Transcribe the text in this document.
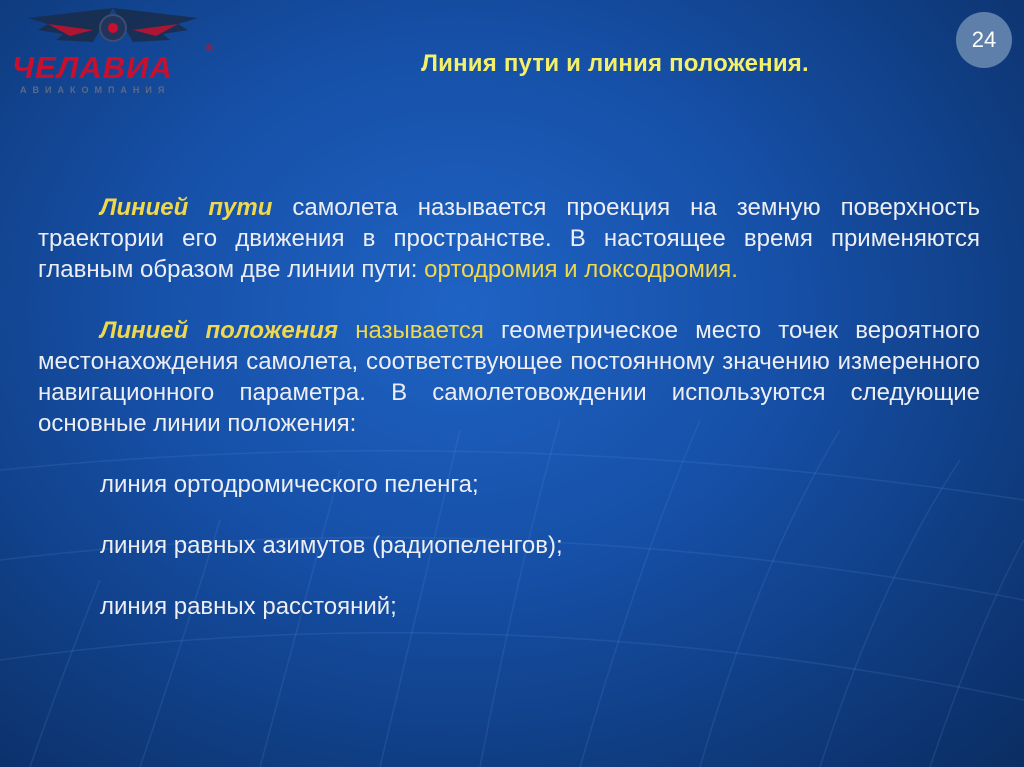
ЧЕЛАВИА
®
АВИАКОМПАНИЯ
24
Линия пути и линия положения.

Линией пути самолета называется проекция на земную поверхность траектории его движения в пространстве. В настоящее время применяются главным образом две линии пути: ортодромия и локсодромия.

Линией положения называется геометрическое место точек вероятного местонахождения самолета, соответствующее постоянному значению измеренного навигационного параметра. В самолетовождении используются следующие основные линии положения:

линия ортодромического пеленга;
линия равных азимутов (радиопеленгов);
линия равных расстояний;
